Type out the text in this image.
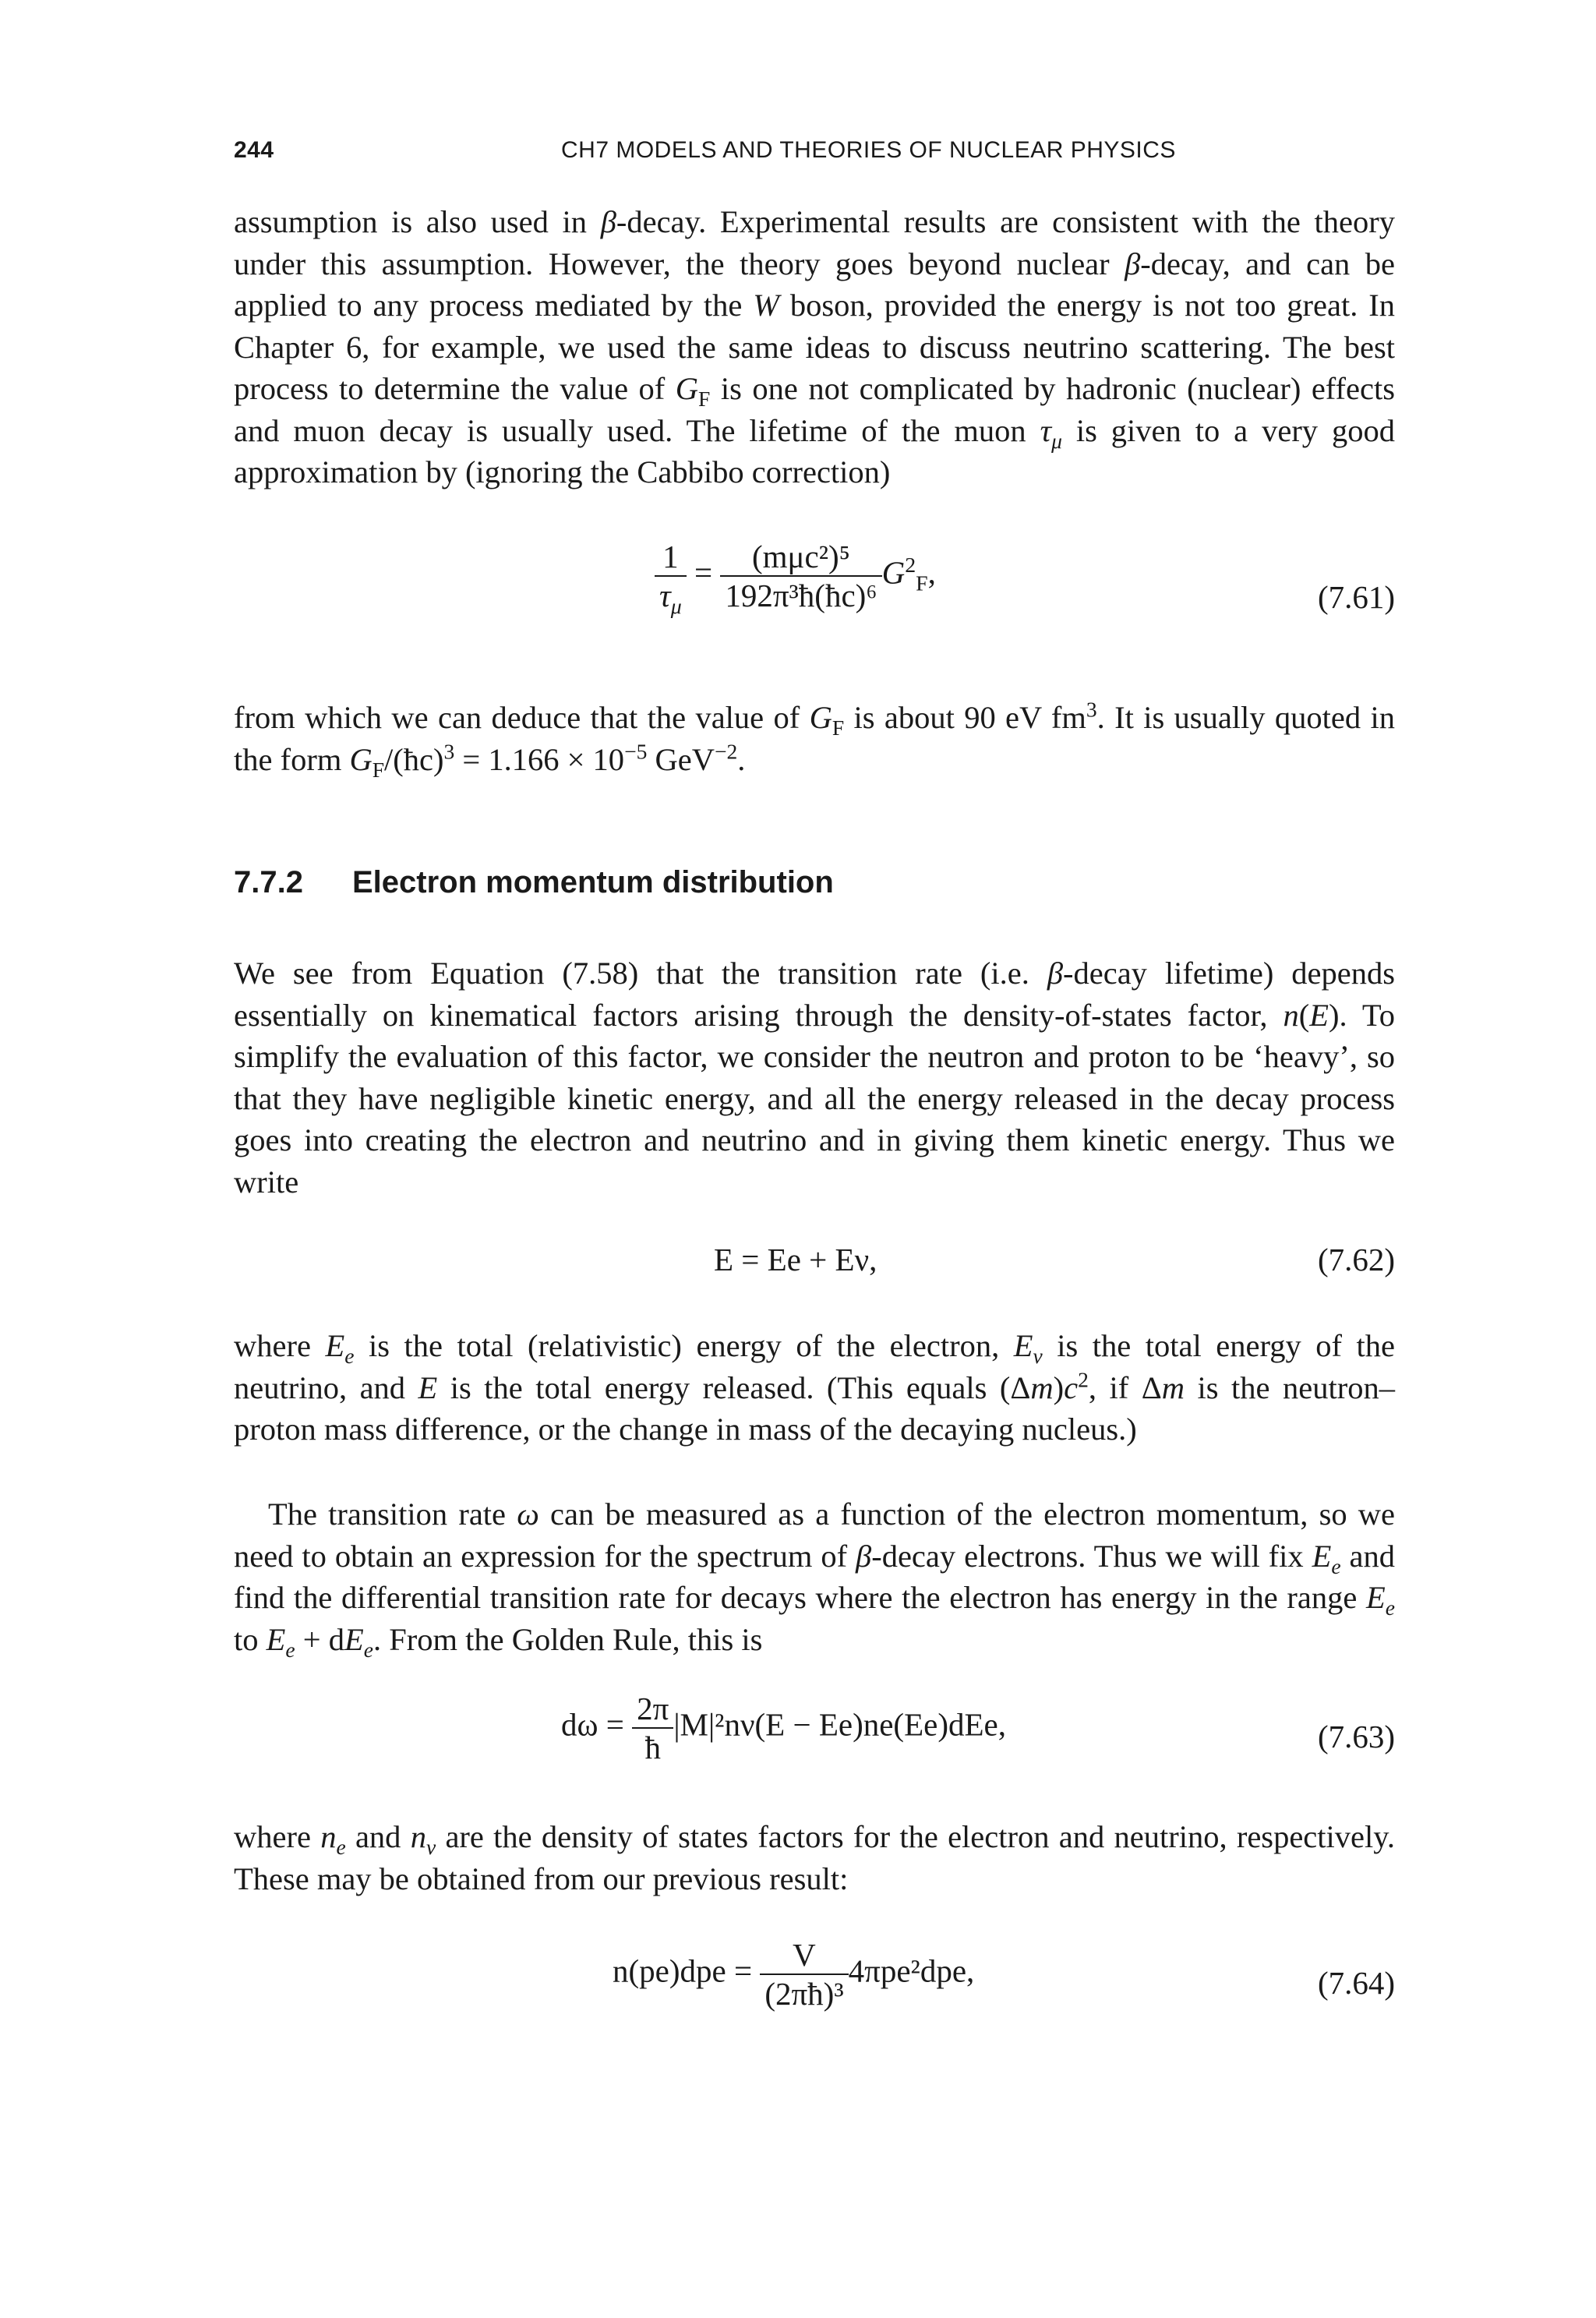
244	CH7 MODELS AND THEORIES OF NUCLEAR PHYSICS

assumption is also used in β-decay. Experimental results are consistent with the theory under this assumption. However, the theory goes beyond nuclear β-decay, and can be applied to any process mediated by the W boson, provided the energy is not too great. In Chapter 6, for example, we used the same ideas to discuss neutrino scattering. The best process to determine the value of $G_F$ is one not complicated by hadronic (nuclear) effects and muon decay is usually used. The lifetime of the muon $\tau_\mu$ is given to a very good approximation by (ignoring the Cabbibo correction)

$\frac{1}{\tau_\mu} = \frac{\text{(mμc²)⁵}}{\text{192π³ħ(ħc)⁶}} G^2_F$,
(7.61)

from which we can deduce that the value of $G_F$ is about 90 eV $fm^3$. It is usually quoted in the form $G_F/(ħc)^3 = 1.166 \times 10^{-5}$ GeV$^{-2}$.

7.7.2 Electron momentum distribution

We see from Equation (7.58) that the transition rate (i.e. β-decay lifetime) depends essentially on kinematical factors arising through the density-of-states factor, n(E). To simplify the evaluation of this factor, we consider the neutron and proton to be ‘heavy’, so that they have negligible kinetic energy, and all the energy released in the decay process goes into creating the electron and neutrino and in giving them kinetic energy. Thus we write

E = Ee + Eν,	(7.62)

where $E_e$ is the total (relativistic) energy of the electron, $E_\nu$ is the total energy of the neutrino, and E is the total energy released. (This equals $(\Delta m)c^2$, if Δm is the neutron–proton mass difference, or the change in mass of the decaying nucleus.)

The transition rate ω can be measured as a function of the electron momentum, so we need to obtain an expression for the spectrum of β-decay electrons. Thus we will fix $E_e$ and find the differential transition rate for decays where the electron has energy in the range $E_e$ to $E_e + dE_e$. From the Golden Rule, this is

$d\omega = \frac{2\pi}{ħ} |M|^2n\nu(E - Ee)ne(Ee)dEe$,	(7.63)

where $n_e$ and $n_\nu$ are the density of states factors for the electron and neutrino, respectively. These may be obtained from our previous result:

$n(pe)dpe = \frac{V}{\text{(2πħ)³}} 4\pi pe^2dpe$,	(7.64)
